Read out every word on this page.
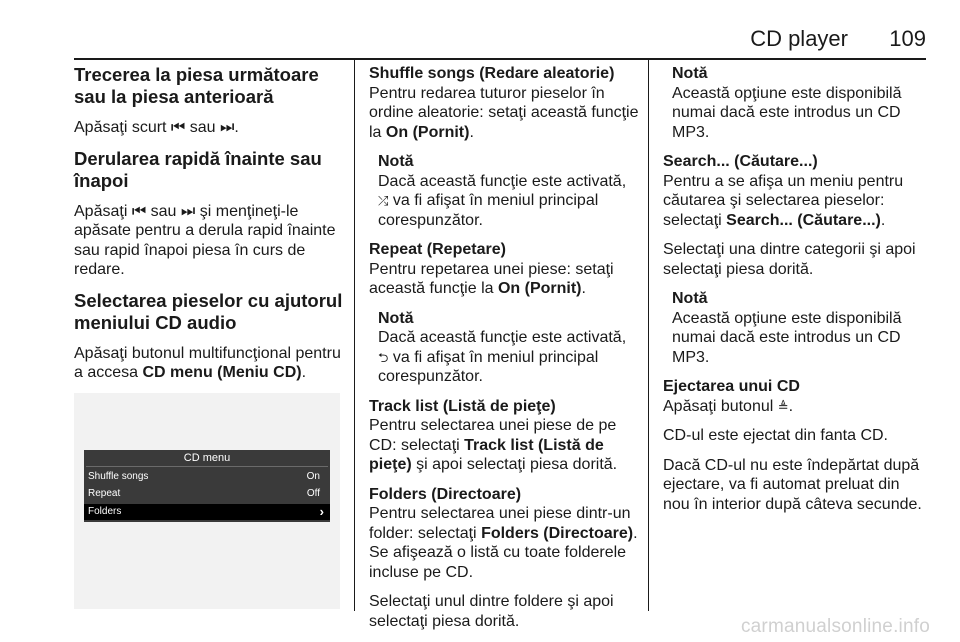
CD player 109
Trecerea la piesa următoare sau la piesa anterioară

Apăsaţi scurt ⏮ sau ⏭.

Derularea rapidă înainte sau înapoi

Apăsaţi ⏮ sau ⏭ şi menţineţi-le apăsate pentru a derula rapid înainte sau rapid înapoi piesa în curs de redare.

Selectarea pieselor cu ajutorul meniului CD audio

Apăsaţi butonul multifuncţional pentru a accesa CD menu (Meniu CD).

CD menu
Shuffle songs	On
Repeat	Off
Folders	›
Shuffle songs (Redare aleatorie)

Pentru redarea tuturor pieselor în ordine aleatorie: setaţi această funcţie la On (Pornit).

Notă
Dacă această funcţie este activată, ⤮ va fi afişat în meniul principal corespunzător.
Repeat (Repetare)

Pentru repetarea unei piese: setaţi această funcţie la On (Pornit).

Notă
Dacă această funcţie este activată, ⮌ va fi afişat în meniul principal corespunzător.
Track list (Listă de pieţe)

Pentru selectarea unei piese de pe CD: selectaţi Track list (Listă de pieţe) şi apoi selectaţi piesa dorită.

Folders (Directoare)

Pentru selectarea unei piese dintr-un folder: selectaţi Folders (Directoare). Se afişează o listă cu toate folderele incluse pe CD.

Selectaţi unul dintre foldere şi apoi selectaţi piesa dorită.

Notă
Această opţiune este disponibilă numai dacă este introdus un CD MP3.
Search... (Căutare...)

Pentru a se afişa un meniu pentru căutarea şi selectarea pieselor: selectaţi Search... (Căutare...).

Selectaţi una dintre categorii şi apoi selectaţi piesa dorită.

Notă
Această opţiune este disponibilă numai dacă este introdus un CD MP3.
Ejectarea unui CD

Apăsaţi butonul ≜.

CD-ul este ejectat din fanta CD.

Dacă CD-ul nu este îndepărtat după ejectare, va fi automat preluat din nou în interior după câteva secunde.

carmanualsonline.info
